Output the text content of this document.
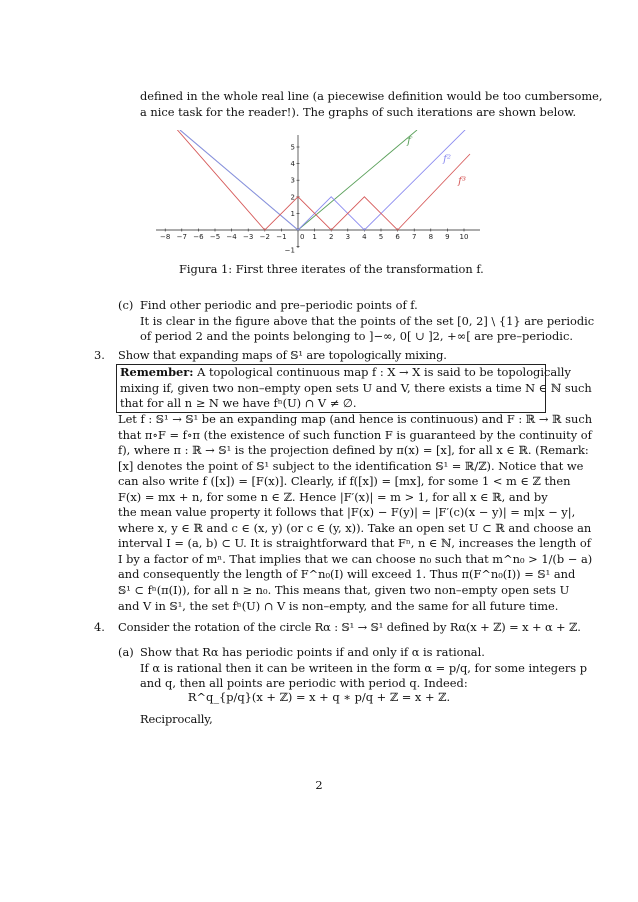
defined in the whole real line (a piecewise definition would be too cumbersome,
a nice task for the reader!). The graphs of such iterations are shown below.
−8 −7 −6 −5 −4 −3 −2 −1 0 1 2 3 4 5 6 7 8 9 10
5
4
3
2
1
−1
f
f²
f³
Figura 1: First three iterates of the transformation f.
(c) Find other periodic and pre–periodic points of f.
It is clear in the figure above that the points of the set [0, 2] \ {1} are periodic
of period 2 and the points belonging to ]−∞, 0[ ∪ ]2, +∞[ are pre–periodic.
3. Show that expanding maps of 𝕊¹ are topologically mixing.
Remember: A topological continuous map f : X → X is said to be topologically
mixing if, given two non–empty open sets U and V, there exists a time N ∈ ℕ such
that for all n ≥ N we have fⁿ(U) ∩ V ≠ ∅.
Let f : 𝕊¹ → 𝕊¹ be an expanding map (and hence is continuous) and F : ℝ → ℝ such
that π∘F = f∘π (the existence of such function F is guaranteed by the continuity of
f), where π : ℝ → 𝕊¹ is the projection defined by π(x) = [x], for all x ∈ ℝ. (Remark:
[x] denotes the point of 𝕊¹ subject to the identification 𝕊¹ = ℝ/ℤ). Notice that we
can also write f ([x]) = [F(x)]. Clearly, if f([x]) = [mx], for some 1 < m ∈ ℤ then
F(x) = mx + n, for some n ∈ ℤ. Hence |F′(x)| = m > 1, for all x ∈ ℝ, and by
the mean value property it follows that |F(x) − F(y)| = |F′(c)(x − y)| = m|x − y|,
where x, y ∈ ℝ and c ∈ (x, y) (or c ∈ (y, x)). Take an open set U ⊂ ℝ and choose an
interval I = (a, b) ⊂ U. It is straightforward that Fⁿ, n ∈ ℕ, increases the length of
I by a factor of mⁿ. That implies that we can choose n₀ such that m^n₀ > 1/(b − a)
and consequently the length of F^n₀(I) will exceed 1. Thus π(F^n₀(I)) = 𝕊¹ and
𝕊¹ ⊂ fⁿ(π(I)), for all n ≥ n₀. This means that, given two non–empty open sets U
and V in 𝕊¹, the set fⁿ(U) ∩ V is non–empty, and the same for all future time.
4. Consider the rotation of the circle Rα : 𝕊¹ → 𝕊¹ defined by Rα(x + ℤ) = x + α + ℤ.
(a) Show that Rα has periodic points if and only if α is rational.
If α is rational then it can be writeen in the form α = p/q, for some integers p
and q, then all points are periodic with period q. Indeed:
R^q_{p/q}(x + ℤ) = x + q ∗ p/q + ℤ = x + ℤ.
Reciprocally,
2
